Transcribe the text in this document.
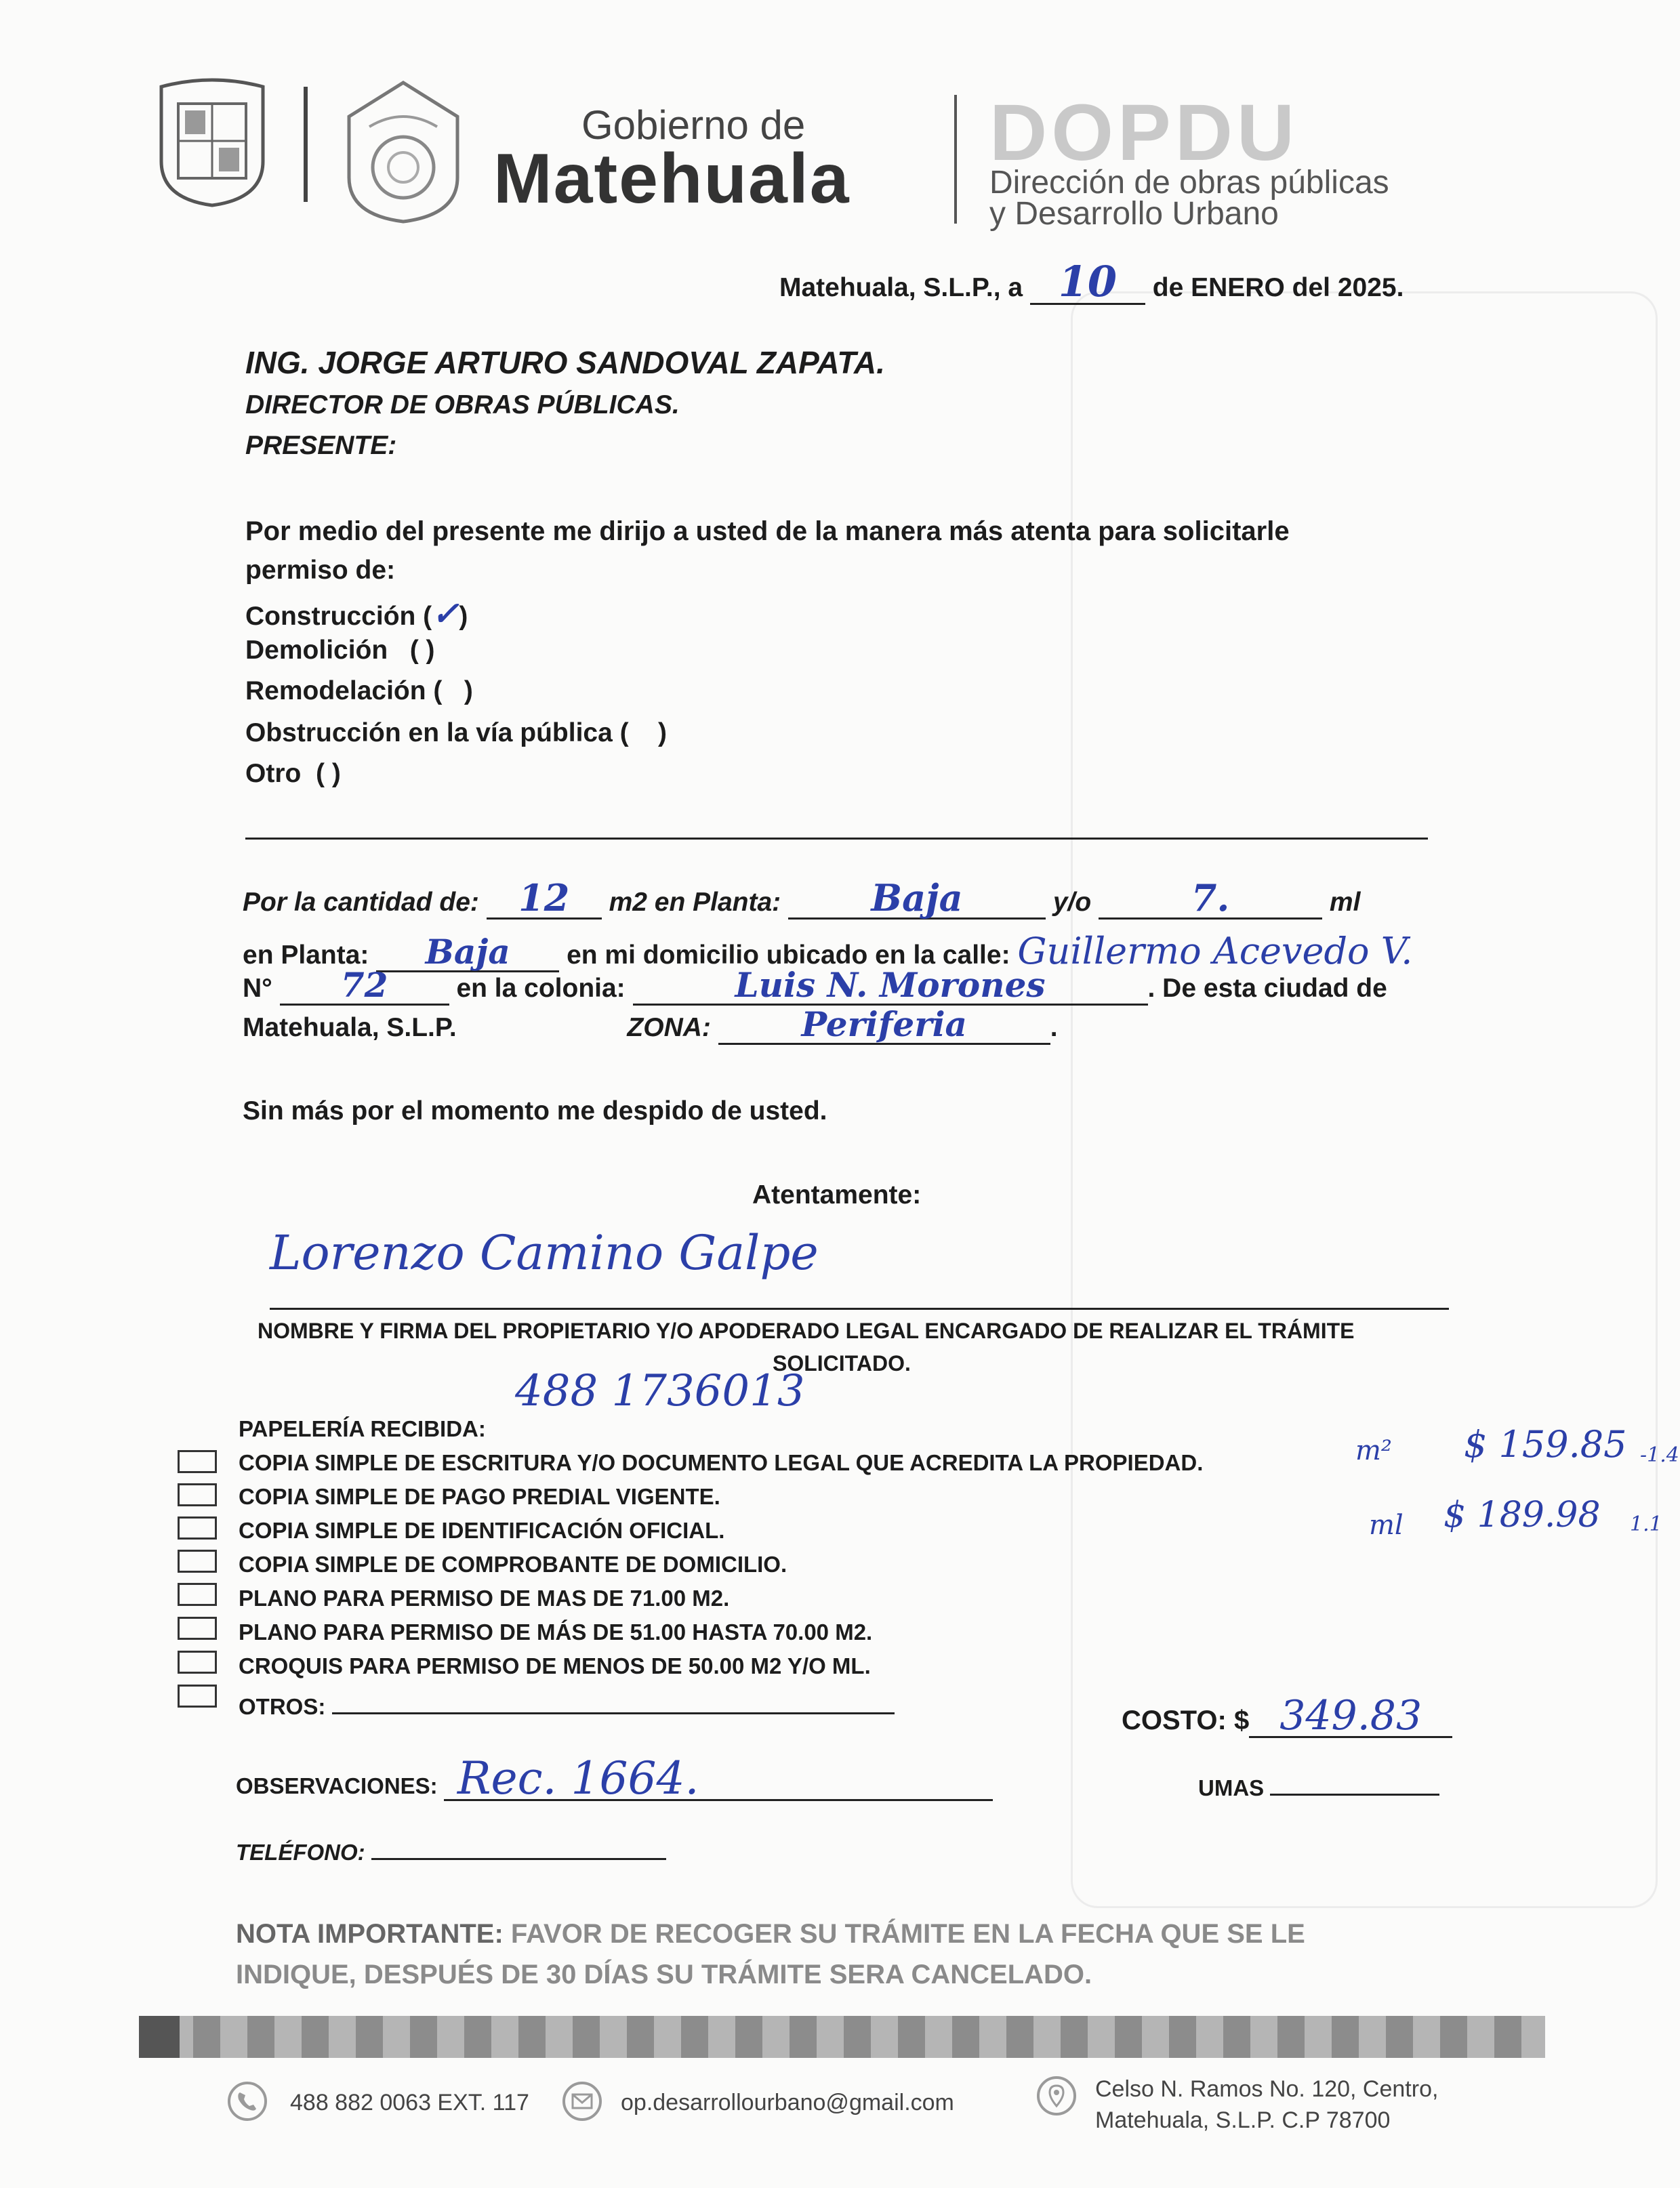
Gobierno de
Matehuala
DOPDU
Dirección de obras públicas
y Desarrollo Urbano
Matehuala, S.L.P., a 10 de ENERO del 2025.
ING. JORGE ARTURO SANDOVAL ZAPATA.
DIRECTOR DE OBRAS PÚBLICAS.
PRESENTE:
Por medio del presente me dirijo a usted de la manera más atenta para solicitarle
permiso de:
Construcción (✓)
Demolición ( )
Remodelación ( )
Obstrucción en la vía pública ( )
Otro ( )
Por la cantidad de: 12 m2 en Planta: Baja	y/o	7.	ml
en Planta: Baja en mi domicilio ubicado en la calle: Guillermo Acevedo V.
N° 72	en la colonia:	Luis N. Morones	. De esta ciudad de
Matehuala, S.L.P.	ZONA:	Periferia	.
Sin más por el momento me despido de usted.
Atentamente:
Lorenzo Camino Galpe
NOMBRE Y FIRMA DEL PROPIETARIO Y/O APODERADO LEGAL ENCARGADO DE REALIZAR EL TRÁMITE
SOLICITADO.
488 1736013
PAPELERÍA RECIBIDA:
COPIA SIMPLE DE ESCRITURA Y/O DOCUMENTO LEGAL QUE ACREDITA LA PROPIEDAD.
COPIA SIMPLE DE PAGO PREDIAL VIGENTE.
COPIA SIMPLE DE IDENTIFICACIÓN OFICIAL.
COPIA SIMPLE DE COMPROBANTE DE DOMICILIO.
PLANO PARA PERMISO DE MAS DE 71.00 M2.
PLANO PARA PERMISO DE MÁS DE 51.00 HASTA 70.00 M2.
CROQUIS PARA PERMISO DE MENOS DE 50.00 M2 Y/O ML.
OTROS:
m² $ 159.85 -1.4
ml $ 189.98 1.1
COSTO: $ 349.83
OBSERVACIONES: Rec. 1664.	UMAS
TELÉFONO:
NOTA IMPORTANTE: FAVOR DE RECOGER SU TRÁMITE EN LA FECHA QUE SE LE
INDIQUE, DESPUÉS DE 30 DÍAS SU TRÁMITE SERA CANCELADO.
488 882 0063 EXT. 117	op.desarrollourbano@gmail.com
Celso N. Ramos No. 120, Centro,
Matehuala, S.L.P. C.P 78700
